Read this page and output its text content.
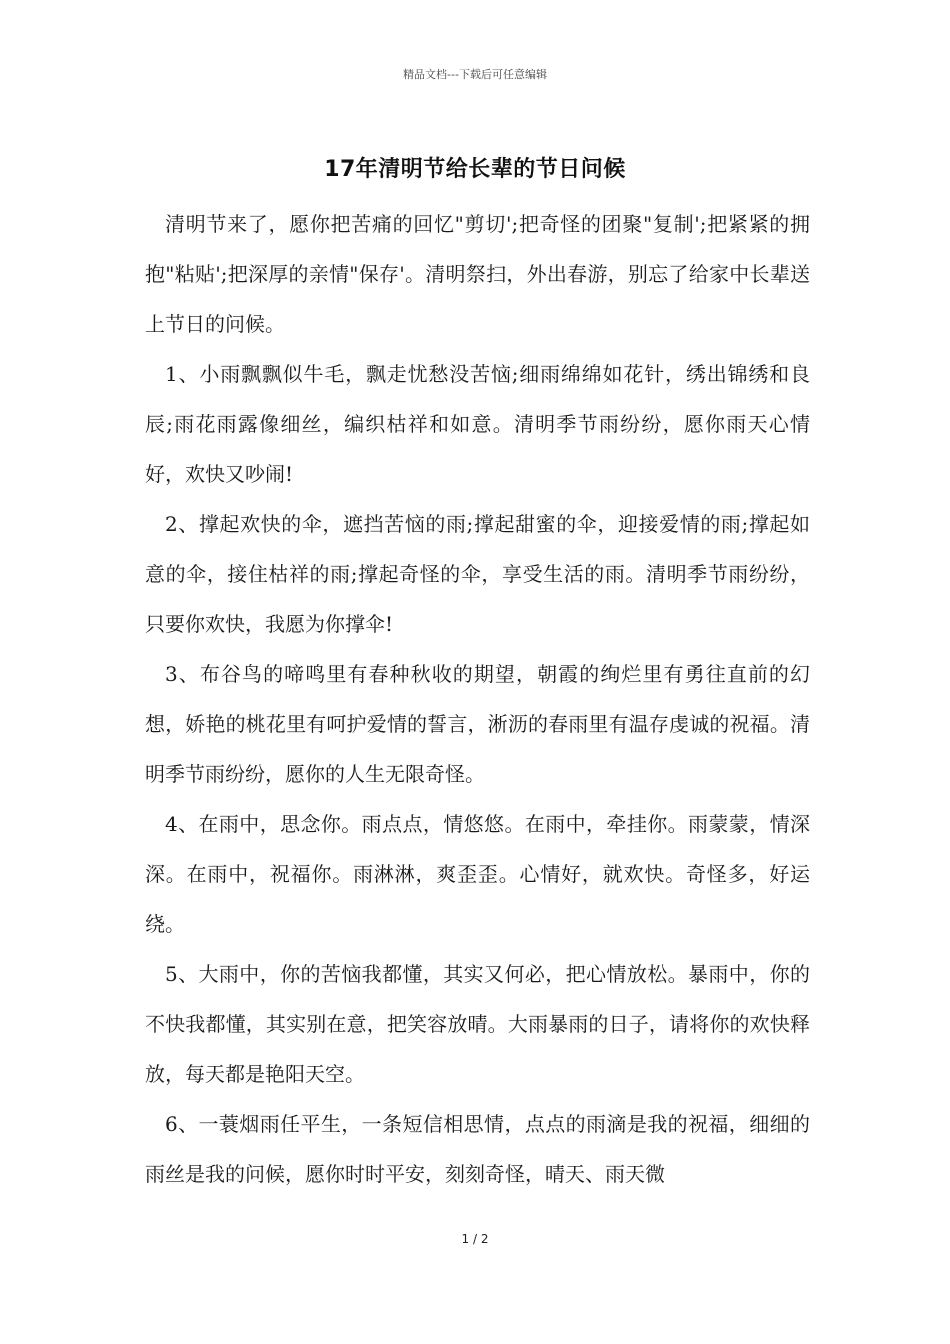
精品文档---下载后可任意编辑
17年清明节给长辈的节日问候

清明节来了，愿你把苦痛的回忆"剪切';把奇怪的团聚"复制';把紧紧的拥抱"粘贴';把深厚的亲情"保存'。清明祭扫，外出春游，别忘了给家中长辈送上节日的问候。

1、小雨飘飘似牛毛，飘走忧愁没苦恼;细雨绵绵如花针，绣出锦绣和良辰;雨花雨露像细丝，编织枯祥和如意。清明季节雨纷纷，愿你雨天心情好，欢快又吵闹!

2、撑起欢快的伞，遮挡苦恼的雨;撑起甜蜜的伞，迎接爱情的雨;撑起如意的伞，接住枯祥的雨;撑起奇怪的伞，享受生活的雨。清明季节雨纷纷，只要你欢快，我愿为你撑伞!

3、布谷鸟的啼鸣里有春种秋收的期望，朝霞的绚烂里有勇往直前的幻想，娇艳的桃花里有呵护爱情的誓言，淅沥的春雨里有温存虔诚的祝福。清明季节雨纷纷，愿你的人生无限奇怪。

4、在雨中，思念你。雨点点，情悠悠。在雨中，牵挂你。雨蒙蒙，情深深。在雨中，祝福你。雨淋淋，爽歪歪。心情好，就欢快。奇怪多，好运绕。

5、大雨中，你的苦恼我都懂，其实又何必，把心情放松。暴雨中，你的不快我都懂，其实别在意，把笑容放晴。大雨暴雨的日子，请将你的欢快释放，每天都是艳阳天空。

6、一蓑烟雨任平生，一条短信相思情，点点的雨滴是我的祝福，细细的雨丝是我的问候，愿你时时平安，刻刻奇怪，晴天、雨天微

1 / 2
